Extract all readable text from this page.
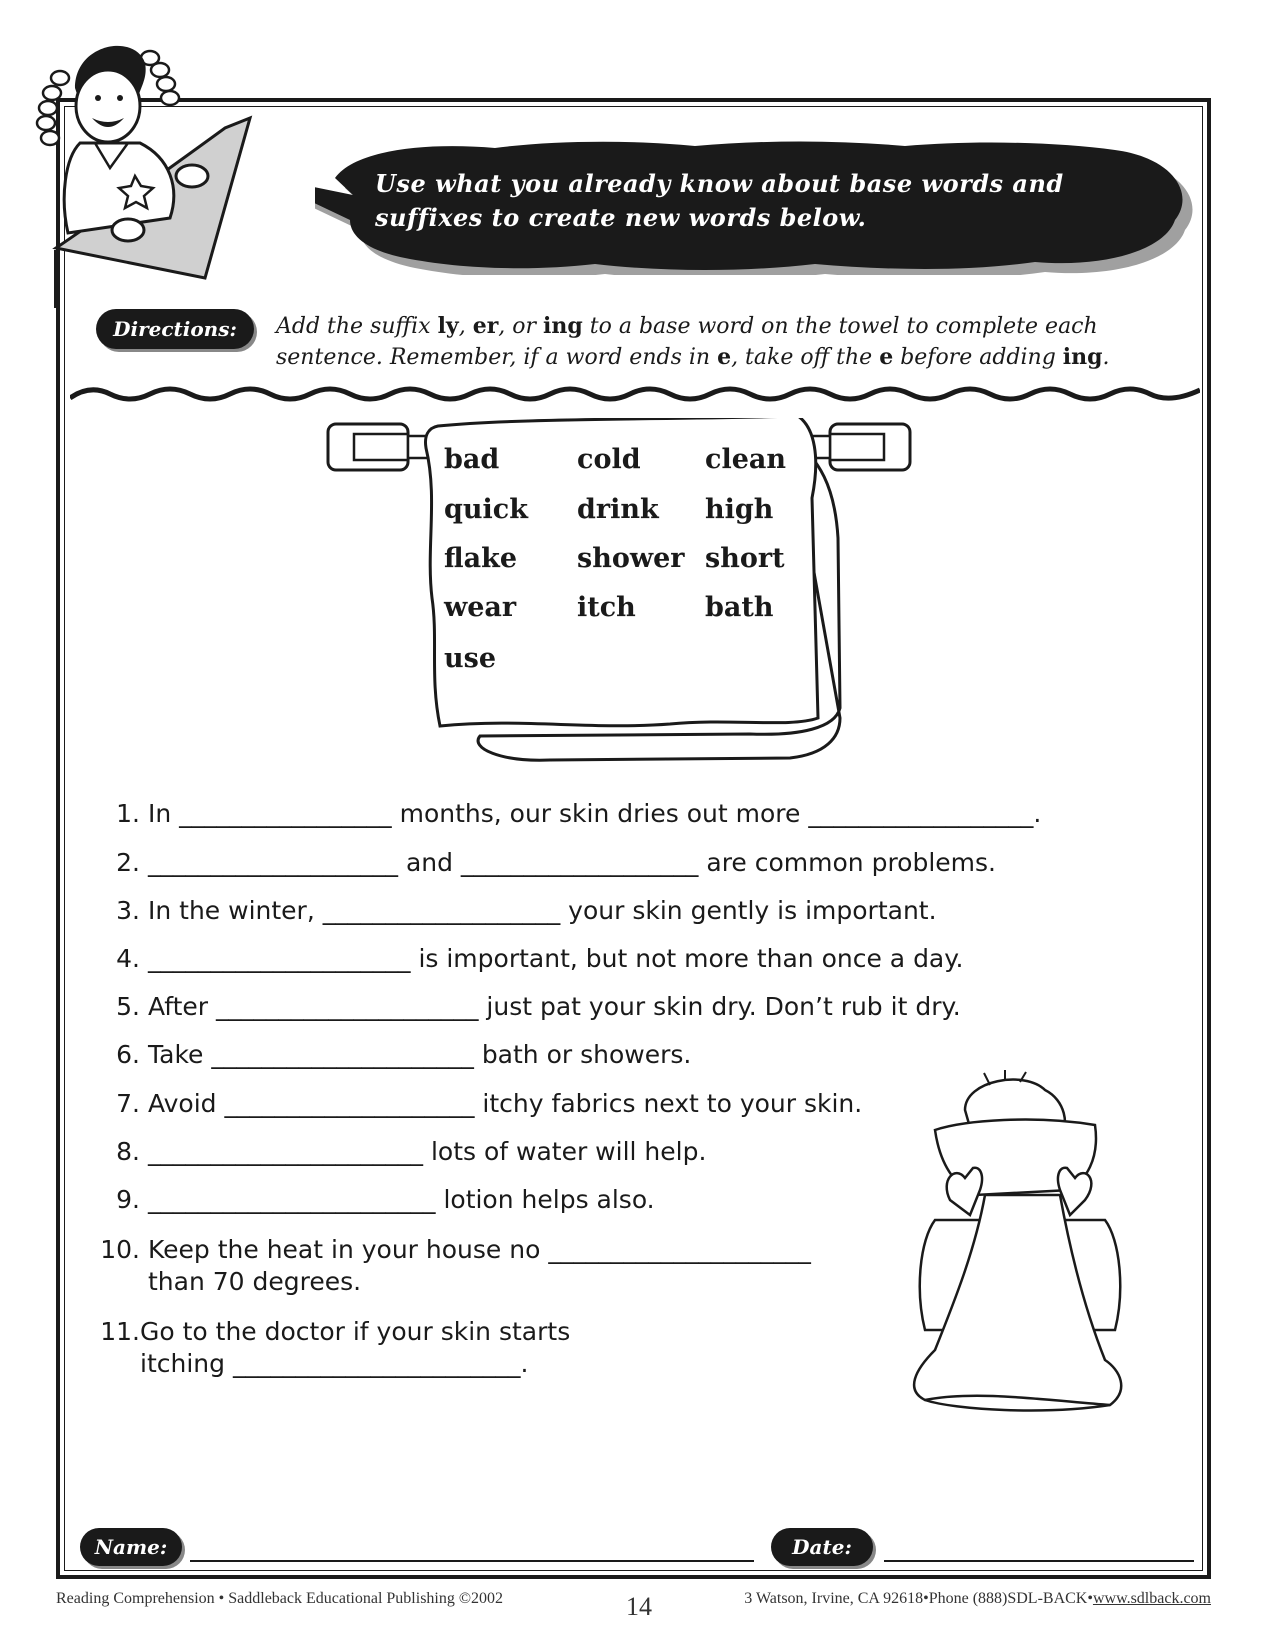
Use what you already know about base words and
suffixes to create new words below.
Directions:	Add the suffix ly, er, or ing to a base word on the towel to complete each
sentence. Remember, if a word ends in e, take off the e before adding ing.
bad	cold clean
quick drink high
flake shower short
wear itch	bath
use
1. In _________________ months, our skin dries out more __________________.
2. ____________________ and ___________________ are common problems.
3. In the winter, ___________________ your skin gently is important.
4. _____________________ is important, but not more than once a day.
5. After _____________________ just pat your skin dry. Don’t rub it dry.
6. Take _____________________ bath or showers.
7. Avoid ____________________ itchy fabrics next to your skin.
8. ______________________ lots of water will help.
9. _______________________ lotion helps also.
10. Keep the heat in your house no _____________________
than 70 degrees.
11. Go to the doctor if your skin starts
itching _______________________.
Name:	Date:
Reading Comprehension • Saddleback Educational Publishing ©2002	14	3 Watson, Irvine, CA 92618•Phone (888)SDL-BACK•www.sdlback.com
